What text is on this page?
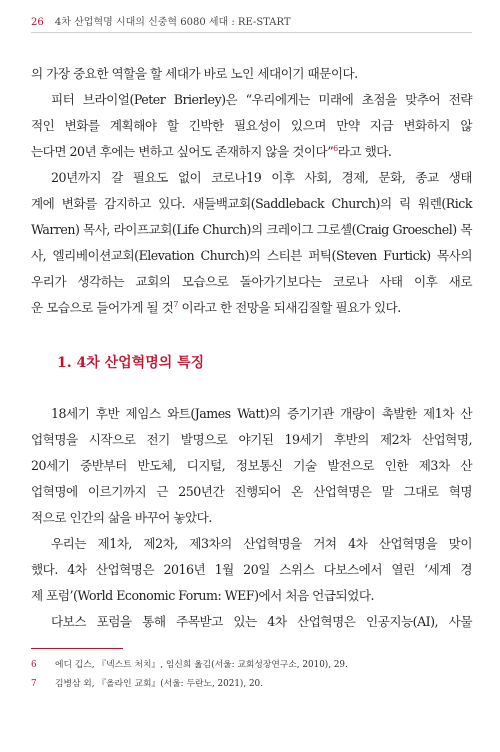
26 4차 산업혁명 시대의 신중혁 6080 세대 : RE-START
의 가장 중요한 역할을 할 세대가 바로 노인 세대이기 때문이다.
피터 브라이얼(Peter Brierley)은 “우리에게는 미래에 초점을 맞추어 전략
적인 변화를 계획해야 할 긴박한 필요성이 있으며 만약 지금 변화하지 않
는다면 20년 후에는 변하고 싶어도 존재하지 않을 것이다”$^6$라고 했다.
20년까지 갈 필요도 없이 코로나19 이후 사회, 경제, 문화, 종교 생태
계에 변화를 감지하고 있다. 새들백교회(Saddleback Church)의 릭 워렌(Rick
Warren) 목사, 라이프교회(Life Church)의 크레이그 그로셸(Craig Groeschel) 목
사, 엘리베이션교회(Elevation Church)의 스티븐 퍼틱(Steven Furtick) 목사의
우리가 생각하는 교회의 모습으로 돌아가기보다는 코로나 사태 이후 새로
운 모습으로 들어가게 될 것$^7$ 이라고 한 전망을 되새김질할 필요가 있다.
1. 4차 산업혁명의 특징
18세기 후반 제임스 와트(James Watt)의 증기기관 개량이 촉발한 제1차 산
업혁명을 시작으로 전기 발명으로 야기된 19세기 후반의 제2차 산업혁명,
20세기 중반부터 반도체, 디지털, 정보통신 기술 발전으로 인한 제3차 산
업혁명에 이르기까지 근 250년간 진행되어 온 산업혁명은 말 그대로 혁명
적으로 인간의 삶을 바꾸어 놓았다.
우리는 제1차, 제2차, 제3차의 산업혁명을 거쳐 4차 산업혁명을 맞이
했다. 4차 산업혁명은 2016년 1월 20일 스위스 다보스에서 열린 ‘세계 경
제 포럼’(World Economic Forum: WEF)에서 처음 언급되었다.
다보스 포럼을 통해 주목받고 있는 4차 산업혁명은 인공지능(AI), 사물
6 에디 깁스, 『넥스트 처치』, 임신희 옮김(서울: 교회성장연구소, 2010), 29.
7 김병삼 외, 『올라인 교회』(서울: 두란노, 2021), 20.
